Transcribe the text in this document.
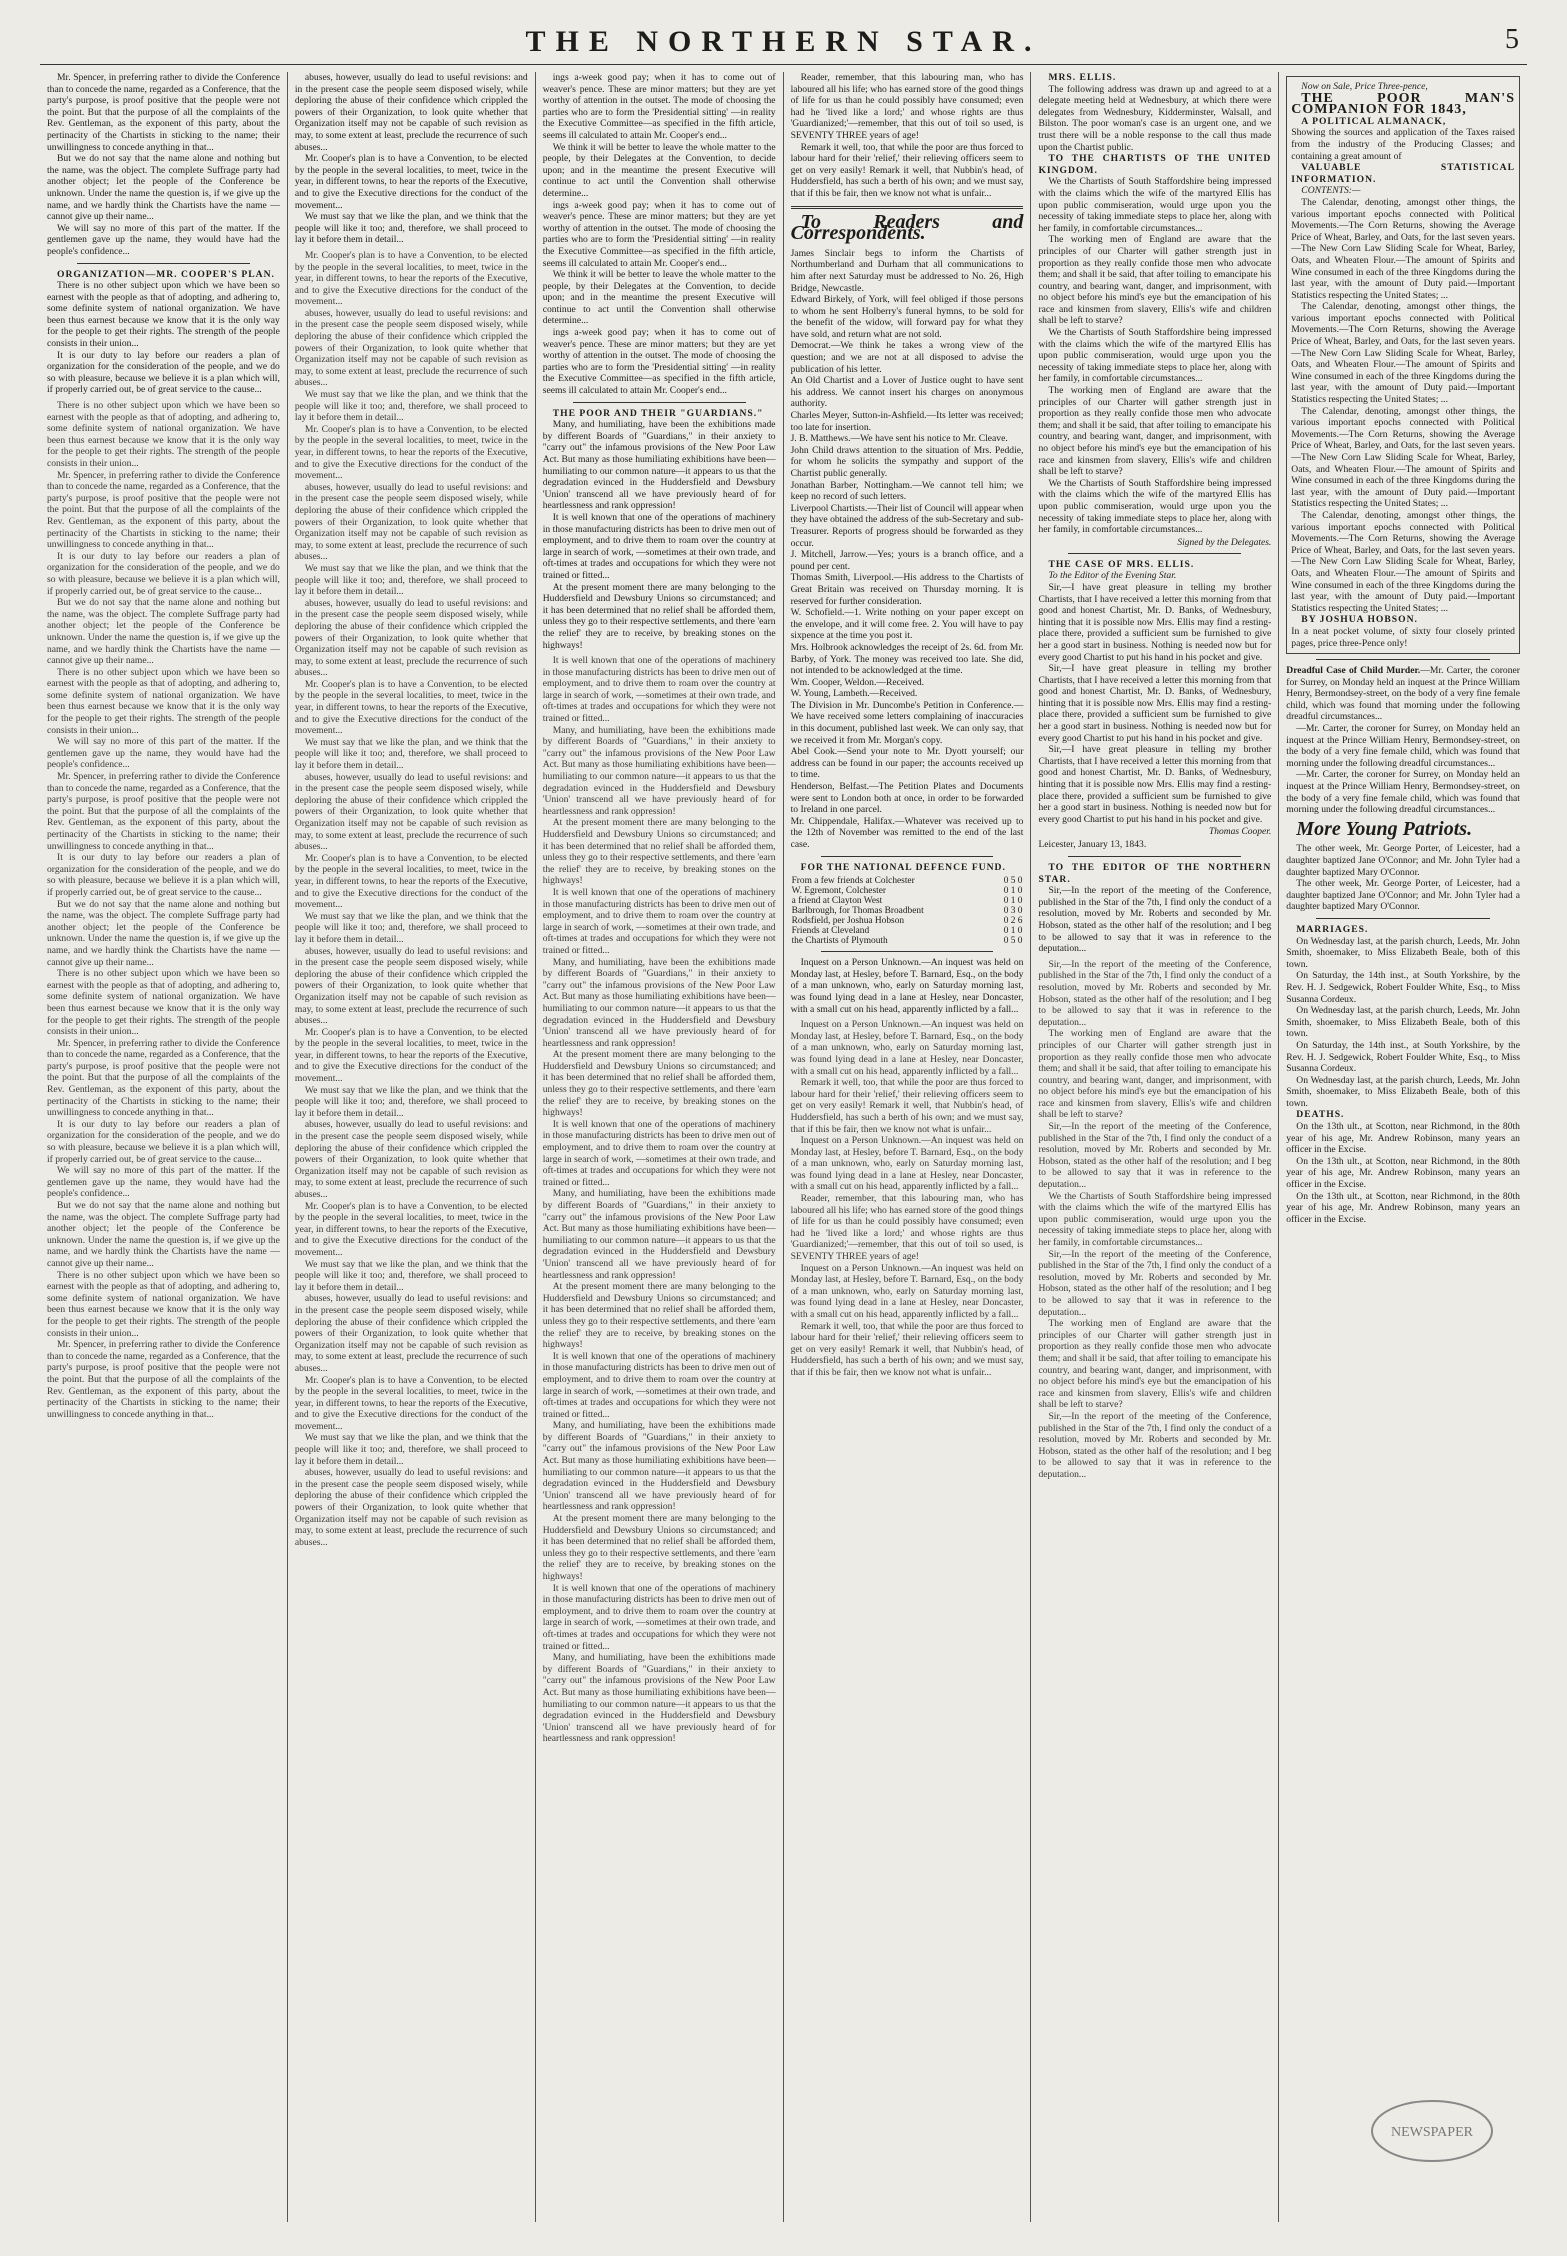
THE NORTHERN STAR.	5

Mr. Spencer, in preferring rather to divide the Conference than to concede the name, regarded as a Conference, that the party's purpose, is proof positive that the people were not the point. But that the purpose of all the complaints of the Rev. Gentleman, as the exponent of this party, about the pertinacity of the Chartists in sticking to the name; their unwillingness to concede anything in that...

But we do not say that the name alone and nothing but the name, was the object. The complete Suffrage party had another object; let the people of the Conference be unknown. Under the name the question is, if we give up the name, and we hardly think the Chartists have the name — cannot give up their name...

We will say no more of this part of the matter. If the gentlemen gave up the name, they would have had the people's confidence...

ORGANIZATION—MR. COOPER'S PLAN.

There is no other subject upon which we have been so earnest with the people as that of adopting, and adhering to, some definite system of national organization. We have been thus earnest because we know that it is the only way for the people to get their rights. The strength of the people consists in their union...

It is our duty to lay before our readers a plan of organization for the consideration of the people, and we do so with pleasure, because we believe it is a plan which will, if properly carried out, be of great service to the cause...

There is no other subject upon which we have been so earnest with the people as that of adopting, and adhering to, some definite system of national organization. We have been thus earnest because we know that it is the only way for the people to get their rights. The strength of the people consists in their union...

Mr. Spencer, in preferring rather to divide the Conference than to concede the name, regarded as a Conference, that the party's purpose, is proof positive that the people were not the point. But that the purpose of all the complaints of the Rev. Gentleman, as the exponent of this party, about the pertinacity of the Chartists in sticking to the name; their unwillingness to concede anything in that...

It is our duty to lay before our readers a plan of organization for the consideration of the people, and we do so with pleasure, because we believe it is a plan which will, if properly carried out, be of great service to the cause...

But we do not say that the name alone and nothing but the name, was the object. The complete Suffrage party had another object; let the people of the Conference be unknown. Under the name the question is, if we give up the name, and we hardly think the Chartists have the name — cannot give up their name...

There is no other subject upon which we have been so earnest with the people as that of adopting, and adhering to, some definite system of national organization. We have been thus earnest because we know that it is the only way for the people to get their rights. The strength of the people consists in their union...

We will say no more of this part of the matter. If the gentlemen gave up the name, they would have had the people's confidence...

Mr. Spencer, in preferring rather to divide the Conference than to concede the name, regarded as a Conference, that the party's purpose, is proof positive that the people were not the point. But that the purpose of all the complaints of the Rev. Gentleman, as the exponent of this party, about the pertinacity of the Chartists in sticking to the name; their unwillingness to concede anything in that...

It is our duty to lay before our readers a plan of organization for the consideration of the people, and we do so with pleasure, because we believe it is a plan which will, if properly carried out, be of great service to the cause...

But we do not say that the name alone and nothing but the name, was the object. The complete Suffrage party had another object; let the people of the Conference be unknown. Under the name the question is, if we give up the name, and we hardly think the Chartists have the name — cannot give up their name...

There is no other subject upon which we have been so earnest with the people as that of adopting, and adhering to, some definite system of national organization. We have been thus earnest because we know that it is the only way for the people to get their rights. The strength of the people consists in their union...

Mr. Spencer, in preferring rather to divide the Conference than to concede the name, regarded as a Conference, that the party's purpose, is proof positive that the people were not the point. But that the purpose of all the complaints of the Rev. Gentleman, as the exponent of this party, about the pertinacity of the Chartists in sticking to the name; their unwillingness to concede anything in that...

It is our duty to lay before our readers a plan of organization for the consideration of the people, and we do so with pleasure, because we believe it is a plan which will, if properly carried out, be of great service to the cause...

We will say no more of this part of the matter. If the gentlemen gave up the name, they would have had the people's confidence...

But we do not say that the name alone and nothing but the name, was the object. The complete Suffrage party had another object; let the people of the Conference be unknown. Under the name the question is, if we give up the name, and we hardly think the Chartists have the name — cannot give up their name...

There is no other subject upon which we have been so earnest with the people as that of adopting, and adhering to, some definite system of national organization. We have been thus earnest because we know that it is the only way for the people to get their rights. The strength of the people consists in their union...

Mr. Spencer, in preferring rather to divide the Conference than to concede the name, regarded as a Conference, that the party's purpose, is proof positive that the people were not the point. But that the purpose of all the complaints of the Rev. Gentleman, as the exponent of this party, about the pertinacity of the Chartists in sticking to the name; their unwillingness to concede anything in that...

abuses, however, usually do lead to useful revisions: and in the present case the people seem disposed wisely, while deploring the abuse of their confidence which crippled the powers of their Organization, to look quite whether that Organization itself may not be capable of such revision as may, to some extent at least, preclude the recurrence of such abuses...

Mr. Cooper's plan is to have a Convention, to be elected by the people in the several localities, to meet, twice in the year, in different towns, to hear the reports of the Executive, and to give the Executive directions for the conduct of the movement...

We must say that we like the plan, and we think that the people will like it too; and, therefore, we shall proceed to lay it before them in detail...

Mr. Cooper's plan is to have a Convention, to be elected by the people in the several localities, to meet, twice in the year, in different towns, to hear the reports of the Executive, and to give the Executive directions for the conduct of the movement...

abuses, however, usually do lead to useful revisions: and in the present case the people seem disposed wisely, while deploring the abuse of their confidence which crippled the powers of their Organization, to look quite whether that Organization itself may not be capable of such revision as may, to some extent at least, preclude the recurrence of such abuses...

We must say that we like the plan, and we think that the people will like it too; and, therefore, we shall proceed to lay it before them in detail...

Mr. Cooper's plan is to have a Convention, to be elected by the people in the several localities, to meet, twice in the year, in different towns, to hear the reports of the Executive, and to give the Executive directions for the conduct of the movement...

abuses, however, usually do lead to useful revisions: and in the present case the people seem disposed wisely, while deploring the abuse of their confidence which crippled the powers of their Organization, to look quite whether that Organization itself may not be capable of such revision as may, to some extent at least, preclude the recurrence of such abuses...

We must say that we like the plan, and we think that the people will like it too; and, therefore, we shall proceed to lay it before them in detail...

abuses, however, usually do lead to useful revisions: and in the present case the people seem disposed wisely, while deploring the abuse of their confidence which crippled the powers of their Organization, to look quite whether that Organization itself may not be capable of such revision as may, to some extent at least, preclude the recurrence of such abuses...

Mr. Cooper's plan is to have a Convention, to be elected by the people in the several localities, to meet, twice in the year, in different towns, to hear the reports of the Executive, and to give the Executive directions for the conduct of the movement...

We must say that we like the plan, and we think that the people will like it too; and, therefore, we shall proceed to lay it before them in detail...

abuses, however, usually do lead to useful revisions: and in the present case the people seem disposed wisely, while deploring the abuse of their confidence which crippled the powers of their Organization, to look quite whether that Organization itself may not be capable of such revision as may, to some extent at least, preclude the recurrence of such abuses...

Mr. Cooper's plan is to have a Convention, to be elected by the people in the several localities, to meet, twice in the year, in different towns, to hear the reports of the Executive, and to give the Executive directions for the conduct of the movement...

We must say that we like the plan, and we think that the people will like it too; and, therefore, we shall proceed to lay it before them in detail...

abuses, however, usually do lead to useful revisions: and in the present case the people seem disposed wisely, while deploring the abuse of their confidence which crippled the powers of their Organization, to look quite whether that Organization itself may not be capable of such revision as may, to some extent at least, preclude the recurrence of such abuses...

Mr. Cooper's plan is to have a Convention, to be elected by the people in the several localities, to meet, twice in the year, in different towns, to hear the reports of the Executive, and to give the Executive directions for the conduct of the movement...

We must say that we like the plan, and we think that the people will like it too; and, therefore, we shall proceed to lay it before them in detail...

abuses, however, usually do lead to useful revisions: and in the present case the people seem disposed wisely, while deploring the abuse of their confidence which crippled the powers of their Organization, to look quite whether that Organization itself may not be capable of such revision as may, to some extent at least, preclude the recurrence of such abuses...

Mr. Cooper's plan is to have a Convention, to be elected by the people in the several localities, to meet, twice in the year, in different towns, to hear the reports of the Executive, and to give the Executive directions for the conduct of the movement...

We must say that we like the plan, and we think that the people will like it too; and, therefore, we shall proceed to lay it before them in detail...

abuses, however, usually do lead to useful revisions: and in the present case the people seem disposed wisely, while deploring the abuse of their confidence which crippled the powers of their Organization, to look quite whether that Organization itself may not be capable of such revision as may, to some extent at least, preclude the recurrence of such abuses...

Mr. Cooper's plan is to have a Convention, to be elected by the people in the several localities, to meet, twice in the year, in different towns, to hear the reports of the Executive, and to give the Executive directions for the conduct of the movement...

We must say that we like the plan, and we think that the people will like it too; and, therefore, we shall proceed to lay it before them in detail...

abuses, however, usually do lead to useful revisions: and in the present case the people seem disposed wisely, while deploring the abuse of their confidence which crippled the powers of their Organization, to look quite whether that Organization itself may not be capable of such revision as may, to some extent at least, preclude the recurrence of such abuses...

ings a-week good pay; when it has to come out of weaver's pence. These are minor matters; but they are yet worthy of attention in the outset. The mode of choosing the parties who are to form the 'Presidential sitting' —in reality the Executive Committee—as specified in the fifth article, seems ill calculated to attain Mr. Cooper's end...

We think it will be better to leave the whole matter to the people, by their Delegates at the Convention, to decide upon; and in the meantime the present Executive will continue to act until the Convention shall otherwise determine...

ings a-week good pay; when it has to come out of weaver's pence. These are minor matters; but they are yet worthy of attention in the outset. The mode of choosing the parties who are to form the 'Presidential sitting' —in reality the Executive Committee—as specified in the fifth article, seems ill calculated to attain Mr. Cooper's end...

We think it will be better to leave the whole matter to the people, by their Delegates at the Convention, to decide upon; and in the meantime the present Executive will continue to act until the Convention shall otherwise determine...

ings a-week good pay; when it has to come out of weaver's pence. These are minor matters; but they are yet worthy of attention in the outset. The mode of choosing the parties who are to form the 'Presidential sitting' —in reality the Executive Committee—as specified in the fifth article, seems ill calculated to attain Mr. Cooper's end...

THE POOR AND THEIR "GUARDIANS."

Many, and humiliating, have been the exhibitions made by different Boards of "Guardians," in their anxiety to "carry out" the infamous provisions of the New Poor Law Act. But many as those humiliating exhibitions have been—humiliating to our common nature—it appears to us that the degradation evinced in the Huddersfield and Dewsbury 'Union' transcend all we have previously heard of for heartlessness and rank oppression!

It is well known that one of the operations of machinery in those manufacturing districts has been to drive men out of employment, and to drive them to roam over the country at large in search of work, —sometimes at their own trade, and oft-times at trades and occupations for which they were not trained or fitted...

At the present moment there are many belonging to the Huddersfield and Dewsbury Unions so circumstanced; and it has been determined that no relief shall be afforded them, unless they go to their respective settlements, and there 'earn the relief' they are to receive, by breaking stones on the highways!

It is well known that one of the operations of machinery in those manufacturing districts has been to drive men out of employment, and to drive them to roam over the country at large in search of work, —sometimes at their own trade, and oft-times at trades and occupations for which they were not trained or fitted...

Many, and humiliating, have been the exhibitions made by different Boards of "Guardians," in their anxiety to "carry out" the infamous provisions of the New Poor Law Act. But many as those humiliating exhibitions have been—humiliating to our common nature—it appears to us that the degradation evinced in the Huddersfield and Dewsbury 'Union' transcend all we have previously heard of for heartlessness and rank oppression!

At the present moment there are many belonging to the Huddersfield and Dewsbury Unions so circumstanced; and it has been determined that no relief shall be afforded them, unless they go to their respective settlements, and there 'earn the relief' they are to receive, by breaking stones on the highways!

It is well known that one of the operations of machinery in those manufacturing districts has been to drive men out of employment, and to drive them to roam over the country at large in search of work, —sometimes at their own trade, and oft-times at trades and occupations for which they were not trained or fitted...

Many, and humiliating, have been the exhibitions made by different Boards of "Guardians," in their anxiety to "carry out" the infamous provisions of the New Poor Law Act. But many as those humiliating exhibitions have been—humiliating to our common nature—it appears to us that the degradation evinced in the Huddersfield and Dewsbury 'Union' transcend all we have previously heard of for heartlessness and rank oppression!

At the present moment there are many belonging to the Huddersfield and Dewsbury Unions so circumstanced; and it has been determined that no relief shall be afforded them, unless they go to their respective settlements, and there 'earn the relief' they are to receive, by breaking stones on the highways!

It is well known that one of the operations of machinery in those manufacturing districts has been to drive men out of employment, and to drive them to roam over the country at large in search of work, —sometimes at their own trade, and oft-times at trades and occupations for which they were not trained or fitted...

Many, and humiliating, have been the exhibitions made by different Boards of "Guardians," in their anxiety to "carry out" the infamous provisions of the New Poor Law Act. But many as those humiliating exhibitions have been—humiliating to our common nature—it appears to us that the degradation evinced in the Huddersfield and Dewsbury 'Union' transcend all we have previously heard of for heartlessness and rank oppression!

At the present moment there are many belonging to the Huddersfield and Dewsbury Unions so circumstanced; and it has been determined that no relief shall be afforded them, unless they go to their respective settlements, and there 'earn the relief' they are to receive, by breaking stones on the highways!

It is well known that one of the operations of machinery in those manufacturing districts has been to drive men out of employment, and to drive them to roam over the country at large in search of work, —sometimes at their own trade, and oft-times at trades and occupations for which they were not trained or fitted...

Many, and humiliating, have been the exhibitions made by different Boards of "Guardians," in their anxiety to "carry out" the infamous provisions of the New Poor Law Act. But many as those humiliating exhibitions have been—humiliating to our common nature—it appears to us that the degradation evinced in the Huddersfield and Dewsbury 'Union' transcend all we have previously heard of for heartlessness and rank oppression!

At the present moment there are many belonging to the Huddersfield and Dewsbury Unions so circumstanced; and it has been determined that no relief shall be afforded them, unless they go to their respective settlements, and there 'earn the relief' they are to receive, by breaking stones on the highways!

It is well known that one of the operations of machinery in those manufacturing districts has been to drive men out of employment, and to drive them to roam over the country at large in search of work, —sometimes at their own trade, and oft-times at trades and occupations for which they were not trained or fitted...

Many, and humiliating, have been the exhibitions made by different Boards of "Guardians," in their anxiety to "carry out" the infamous provisions of the New Poor Law Act. But many as those humiliating exhibitions have been—humiliating to our common nature—it appears to us that the degradation evinced in the Huddersfield and Dewsbury 'Union' transcend all we have previously heard of for heartlessness and rank oppression!

Reader, remember, that this labouring man, who has laboured all his life; who has earned store of the good things of life for us than he could possibly have consumed; even had he 'lived like a lord;' and whose rights are thus 'Guardianized;'—remember, that this out of toil so used, is SEVENTY THREE years of age!

Remark it well, too, that while the poor are thus forced to labour hard for their 'relief,' their relieving officers seem to get on very easily! Remark it well, that Nubbin's head, of Huddersfield, has such a berth of his own; and we must say, that if this be fair, then we know not what is unfair...

To Readers and Correspondents.

James Sinclair begs to inform the Chartists of Northumberland and Durham that all communications to him after next Saturday must be addressed to No. 26, High Bridge, Newcastle.

Edward Birkely, of York, will feel obliged if those persons to whom he sent Holberry's funeral hymns, to be sold for the benefit of the widow, will forward pay for what they have sold, and return what are not sold.

Democrat.—We think he takes a wrong view of the question; and we are not at all disposed to advise the publication of his letter.

An Old Chartist and a Lover of Justice ought to have sent his address. We cannot insert his charges on anonymous authority.

Charles Meyer, Sutton-in-Ashfield.—Its letter was received; too late for insertion.

J. B. Matthews.—We have sent his notice to Mr. Cleave.

John Child draws attention to the situation of Mrs. Peddie, for whom he solicits the sympathy and support of the Chartist public generally.

Jonathan Barber, Nottingham.—We cannot tell him; we keep no record of such letters.

Liverpool Chartists.—Their list of Council will appear when they have obtained the address of the sub-Secretary and sub-Treasurer. Reports of progress should be forwarded as they occur.

J. Mitchell, Jarrow.—Yes; yours is a branch office, and a pound per cent.

Thomas Smith, Liverpool.—His address to the Chartists of Great Britain was received on Thursday morning. It is reserved for further consideration.

W. Schofield.—1. Write nothing on your paper except on the envelope, and it will come free. 2. You will have to pay sixpence at the time you post it.

Mrs. Holbrook acknowledges the receipt of 2s. 6d. from Mr. Barby, of York. The money was received too late. She did, not intended to be acknowledged at the time.

Wm. Cooper, Weldon.—Received.

W. Young, Lambeth.—Received.

The Division in Mr. Duncombe's Petition in Conference.—We have received some letters complaining of inaccuracies in this document, published last week. We can only say, that we received it from Mr. Morgan's copy.

Abel Cook.—Send your note to Mr. Dyott yourself; our address can be found in our paper; the accounts received up to time.

Henderson, Belfast.—The Petition Plates and Documents were sent to London both at once, in order to be forwarded to Ireland in one parcel.

Mr. Chippendale, Halifax.—Whatever was received up to the 12th of November was remitted to the end of the last case.

FOR THE NATIONAL DEFENCE FUND.

From a few friends at Colchester	0 5 0
W. Egremont, Colchester	0 1 0
a friend at Clayton West	0 1 0
Barlbrough, for Thomas Broadbent	0 3 0
Rodsfield, per Joshua Hobson	0 2 6
Friends at Cleveland	0 1 0
the Chartists of Plymouth	0 5 0

Inquest on a Person Unknown.—An inquest was held on Monday last, at Hesley, before T. Barnard, Esq., on the body of a man unknown, who, early on Saturday morning last, was found lying dead in a lane at Hesley, near Doncaster, with a small cut on his head, apparently inflicted by a fall...

Inquest on a Person Unknown.—An inquest was held on Monday last, at Hesley, before T. Barnard, Esq., on the body of a man unknown, who, early on Saturday morning last, was found lying dead in a lane at Hesley, near Doncaster, with a small cut on his head, apparently inflicted by a fall...

Remark it well, too, that while the poor are thus forced to labour hard for their 'relief,' their relieving officers seem to get on very easily! Remark it well, that Nubbin's head, of Huddersfield, has such a berth of his own; and we must say, that if this be fair, then we know not what is unfair...

Inquest on a Person Unknown.—An inquest was held on Monday last, at Hesley, before T. Barnard, Esq., on the body of a man unknown, who, early on Saturday morning last, was found lying dead in a lane at Hesley, near Doncaster, with a small cut on his head, apparently inflicted by a fall...

Reader, remember, that this labouring man, who has laboured all his life; who has earned store of the good things of life for us than he could possibly have consumed; even had he 'lived like a lord;' and whose rights are thus 'Guardianized;'—remember, that this out of toil so used, is SEVENTY THREE years of age!

Inquest on a Person Unknown.—An inquest was held on Monday last, at Hesley, before T. Barnard, Esq., on the body of a man unknown, who, early on Saturday morning last, was found lying dead in a lane at Hesley, near Doncaster, with a small cut on his head, apparently inflicted by a fall...

Remark it well, too, that while the poor are thus forced to labour hard for their 'relief,' their relieving officers seem to get on very easily! Remark it well, that Nubbin's head, of Huddersfield, has such a berth of his own; and we must say, that if this be fair, then we know not what is unfair...

MRS. ELLIS.

The following address was drawn up and agreed to at a delegate meeting held at Wednesbury, at which there were delegates from Wednesbury, Kidderminster, Walsall, and Bilston. The poor woman's case is an urgent one, and we trust there will be a noble response to the call thus made upon the Chartist public.

TO THE CHARTISTS OF THE UNITED KINGDOM.

We the Chartists of South Staffordshire being impressed with the claims which the wife of the martyred Ellis has upon public commiseration, would urge upon you the necessity of taking immediate steps to place her, along with her family, in comfortable circumstances...

The working men of England are aware that the principles of our Charter will gather strength just in proportion as they really confide those men who advocate them; and shall it be said, that after toiling to emancipate his country, and bearing want, danger, and imprisonment, with no object before his mind's eye but the emancipation of his race and kinsmen from slavery, Ellis's wife and children shall be left to starve?

We the Chartists of South Staffordshire being impressed with the claims which the wife of the martyred Ellis has upon public commiseration, would urge upon you the necessity of taking immediate steps to place her, along with her family, in comfortable circumstances...

The working men of England are aware that the principles of our Charter will gather strength just in proportion as they really confide those men who advocate them; and shall it be said, that after toiling to emancipate his country, and bearing want, danger, and imprisonment, with no object before his mind's eye but the emancipation of his race and kinsmen from slavery, Ellis's wife and children shall be left to starve?

We the Chartists of South Staffordshire being impressed with the claims which the wife of the martyred Ellis has upon public commiseration, would urge upon you the necessity of taking immediate steps to place her, along with her family, in comfortable circumstances...

Signed by the Delegates.

THE CASE OF MRS. ELLIS.

To the Editor of the Evening Star.

Sir,—I have great pleasure in telling my brother Chartists, that I have received a letter this morning from that good and honest Chartist, Mr. D. Banks, of Wednesbury, hinting that it is possible now Mrs. Ellis may find a resting-place there, provided a sufficient sum be furnished to give her a good start in business. Nothing is needed now but for every good Chartist to put his hand in his pocket and give.

Sir,—I have great pleasure in telling my brother Chartists, that I have received a letter this morning from that good and honest Chartist, Mr. D. Banks, of Wednesbury, hinting that it is possible now Mrs. Ellis may find a resting-place there, provided a sufficient sum be furnished to give her a good start in business. Nothing is needed now but for every good Chartist to put his hand in his pocket and give.

Sir,—I have great pleasure in telling my brother Chartists, that I have received a letter this morning from that good and honest Chartist, Mr. D. Banks, of Wednesbury, hinting that it is possible now Mrs. Ellis may find a resting-place there, provided a sufficient sum be furnished to give her a good start in business. Nothing is needed now but for every good Chartist to put his hand in his pocket and give.

Thomas Cooper.

Leicester, January 13, 1843.

TO THE EDITOR OF THE NORTHERN STAR.

Sir,—In the report of the meeting of the Conference, published in the Star of the 7th, I find only the conduct of a resolution, moved by Mr. Roberts and seconded by Mr. Hobson, stated as the other half of the resolution; and I beg to be allowed to say that it was in reference to the deputation...

Sir,—In the report of the meeting of the Conference, published in the Star of the 7th, I find only the conduct of a resolution, moved by Mr. Roberts and seconded by Mr. Hobson, stated as the other half of the resolution; and I beg to be allowed to say that it was in reference to the deputation...

The working men of England are aware that the principles of our Charter will gather strength just in proportion as they really confide those men who advocate them; and shall it be said, that after toiling to emancipate his country, and bearing want, danger, and imprisonment, with no object before his mind's eye but the emancipation of his race and kinsmen from slavery, Ellis's wife and children shall be left to starve?

Sir,—In the report of the meeting of the Conference, published in the Star of the 7th, I find only the conduct of a resolution, moved by Mr. Roberts and seconded by Mr. Hobson, stated as the other half of the resolution; and I beg to be allowed to say that it was in reference to the deputation...

We the Chartists of South Staffordshire being impressed with the claims which the wife of the martyred Ellis has upon public commiseration, would urge upon you the necessity of taking immediate steps to place her, along with her family, in comfortable circumstances...

Sir,—In the report of the meeting of the Conference, published in the Star of the 7th, I find only the conduct of a resolution, moved by Mr. Roberts and seconded by Mr. Hobson, stated as the other half of the resolution; and I beg to be allowed to say that it was in reference to the deputation...

The working men of England are aware that the principles of our Charter will gather strength just in proportion as they really confide those men who advocate them; and shall it be said, that after toiling to emancipate his country, and bearing want, danger, and imprisonment, with no object before his mind's eye but the emancipation of his race and kinsmen from slavery, Ellis's wife and children shall be left to starve?

Sir,—In the report of the meeting of the Conference, published in the Star of the 7th, I find only the conduct of a resolution, moved by Mr. Roberts and seconded by Mr. Hobson, stated as the other half of the resolution; and I beg to be allowed to say that it was in reference to the deputation...

Now on Sale, Price Three-pence,

THE POOR MAN'S COMPANION FOR 1843,

A POLITICAL ALMANACK,

Showing the sources and application of the Taxes raised from the industry of the Producing Classes; and containing a great amount of

VALUABLE STATISTICAL INFORMATION.

CONTENTS:—

The Calendar, denoting, amongst other things, the various important epochs connected with Political Movements.—The Corn Returns, showing the Average Price of Wheat, Barley, and Oats, for the last seven years.—The New Corn Law Sliding Scale for Wheat, Barley, Oats, and Wheaten Flour.—The amount of Spirits and Wine consumed in each of the three Kingdoms during the last year, with the amount of Duty paid.—Important Statistics respecting the United States; ...

The Calendar, denoting, amongst other things, the various important epochs connected with Political Movements.—The Corn Returns, showing the Average Price of Wheat, Barley, and Oats, for the last seven years.—The New Corn Law Sliding Scale for Wheat, Barley, Oats, and Wheaten Flour.—The amount of Spirits and Wine consumed in each of the three Kingdoms during the last year, with the amount of Duty paid.—Important Statistics respecting the United States; ...

The Calendar, denoting, amongst other things, the various important epochs connected with Political Movements.—The Corn Returns, showing the Average Price of Wheat, Barley, and Oats, for the last seven years.—The New Corn Law Sliding Scale for Wheat, Barley, Oats, and Wheaten Flour.—The amount of Spirits and Wine consumed in each of the three Kingdoms during the last year, with the amount of Duty paid.—Important Statistics respecting the United States; ...

The Calendar, denoting, amongst other things, the various important epochs connected with Political Movements.—The Corn Returns, showing the Average Price of Wheat, Barley, and Oats, for the last seven years.—The New Corn Law Sliding Scale for Wheat, Barley, Oats, and Wheaten Flour.—The amount of Spirits and Wine consumed in each of the three Kingdoms during the last year, with the amount of Duty paid.—Important Statistics respecting the United States; ...

BY JOSHUA HOBSON.

In a neat pocket volume, of sixty four closely printed pages, price three-Pence only!

Dreadful Case of Child Murder.—Mr. Carter, the coroner for Surrey, on Monday held an inquest at the Prince William Henry, Bermondsey-street, on the body of a very fine female child, which was found that morning under the following dreadful circumstances...

—Mr. Carter, the coroner for Surrey, on Monday held an inquest at the Prince William Henry, Bermondsey-street, on the body of a very fine female child, which was found that morning under the following dreadful circumstances...

—Mr. Carter, the coroner for Surrey, on Monday held an inquest at the Prince William Henry, Bermondsey-street, on the body of a very fine female child, which was found that morning under the following dreadful circumstances...

More Young Patriots.

The other week, Mr. George Porter, of Leicester, had a daughter baptized Jane O'Connor; and Mr. John Tyler had a daughter baptized Mary O'Connor.

The other week, Mr. George Porter, of Leicester, had a daughter baptized Jane O'Connor; and Mr. John Tyler had a daughter baptized Mary O'Connor.

MARRIAGES.

On Wednesday last, at the parish church, Leeds, Mr. John Smith, shoemaker, to Miss Elizabeth Beale, both of this town.

On Saturday, the 14th inst., at South Yorkshire, by the Rev. H. J. Sedgewick, Robert Foulder White, Esq., to Miss Susanna Cordeux.

On Wednesday last, at the parish church, Leeds, Mr. John Smith, shoemaker, to Miss Elizabeth Beale, both of this town.

On Saturday, the 14th inst., at South Yorkshire, by the Rev. H. J. Sedgewick, Robert Foulder White, Esq., to Miss Susanna Cordeux.

On Wednesday last, at the parish church, Leeds, Mr. John Smith, shoemaker, to Miss Elizabeth Beale, both of this town.

DEATHS.

On the 13th ult., at Scotton, near Richmond, in the 80th year of his age, Mr. Andrew Robinson, many years an officer in the Excise.

On the 13th ult., at Scotton, near Richmond, in the 80th year of his age, Mr. Andrew Robinson, many years an officer in the Excise.

On the 13th ult., at Scotton, near Richmond, in the 80th year of his age, Mr. Andrew Robinson, many years an officer in the Excise.

NEWSPAPER
